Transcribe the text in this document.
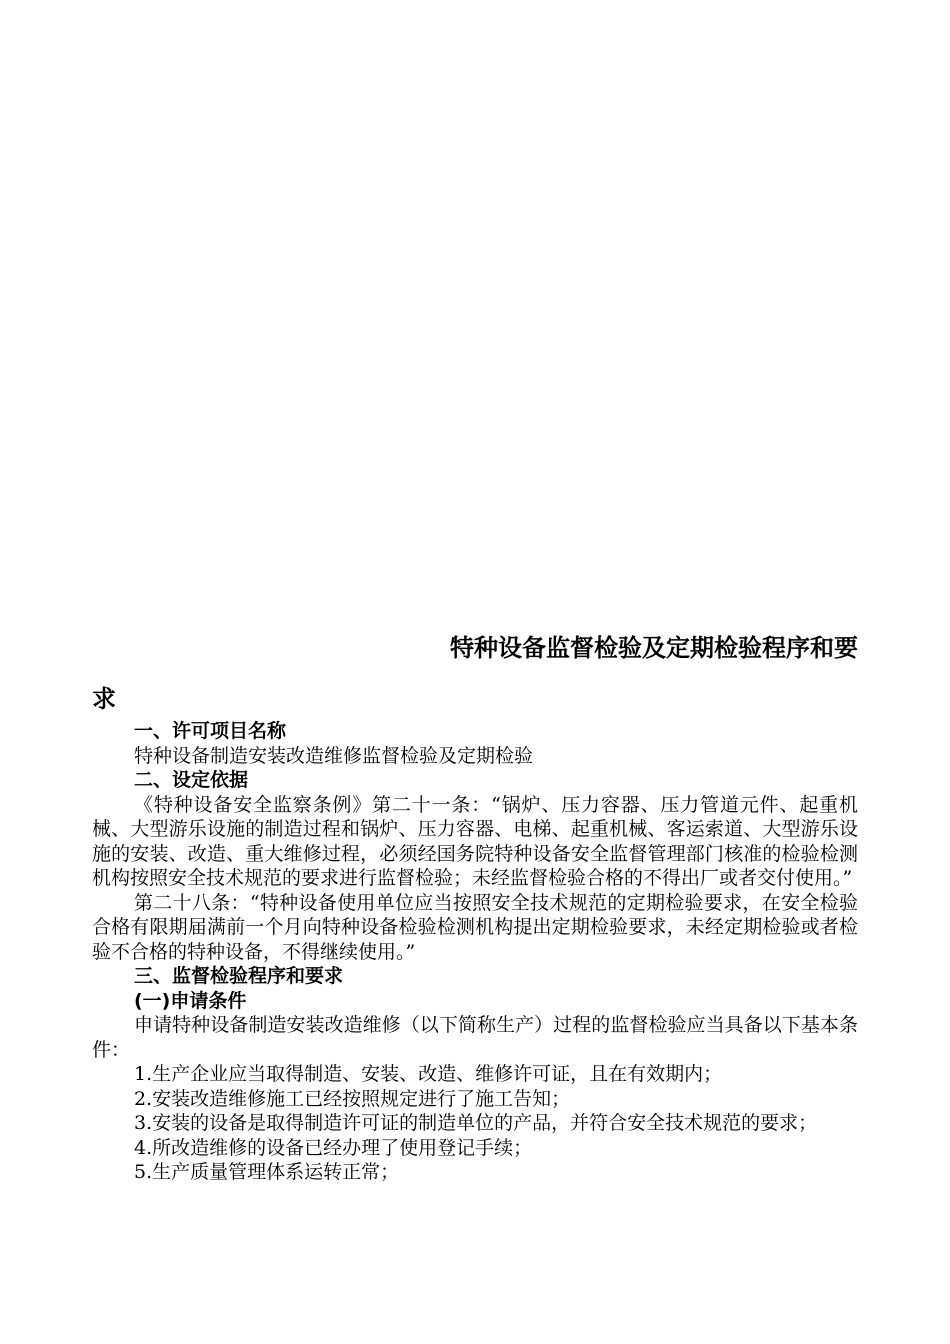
特种设备监督检验及定期检验程序和要
求

一、许可项目名称

特种设备制造安装改造维修监督检验及定期检验

二、设定依据

《特种设备安全监察条例》第二十一条：“锅炉、压力容器、压力管道元件、起重机械、大型游乐设施的制造过程和锅炉、压力容器、电梯、起重机械、客运索道、大型游乐设施的安装、改造、重大维修过程，必须经国务院特种设备安全监督管理部门核准的检验检测机构按照安全技术规范的要求进行监督检验；未经监督检验合格的不得出厂或者交付使用。”

第二十八条：“特种设备使用单位应当按照安全技术规范的定期检验要求，在安全检验合格有限期届满前一个月向特种设备检验检测机构提出定期检验要求，未经定期检验或者检验不合格的特种设备，不得继续使用。”

三、监督检验程序和要求

(一)申请条件

申请特种设备制造安装改造维修（以下简称生产）过程的监督检验应当具备以下基本条件：

1.生产企业应当取得制造、安装、改造、维修许可证，且在有效期内；

2.安装改造维修施工已经按照规定进行了施工告知；

3.安装的设备是取得制造许可证的制造单位的产品，并符合安全技术规范的要求；

4.所改造维修的设备已经办理了使用登记手续；

5.生产质量管理体系运转正常；
